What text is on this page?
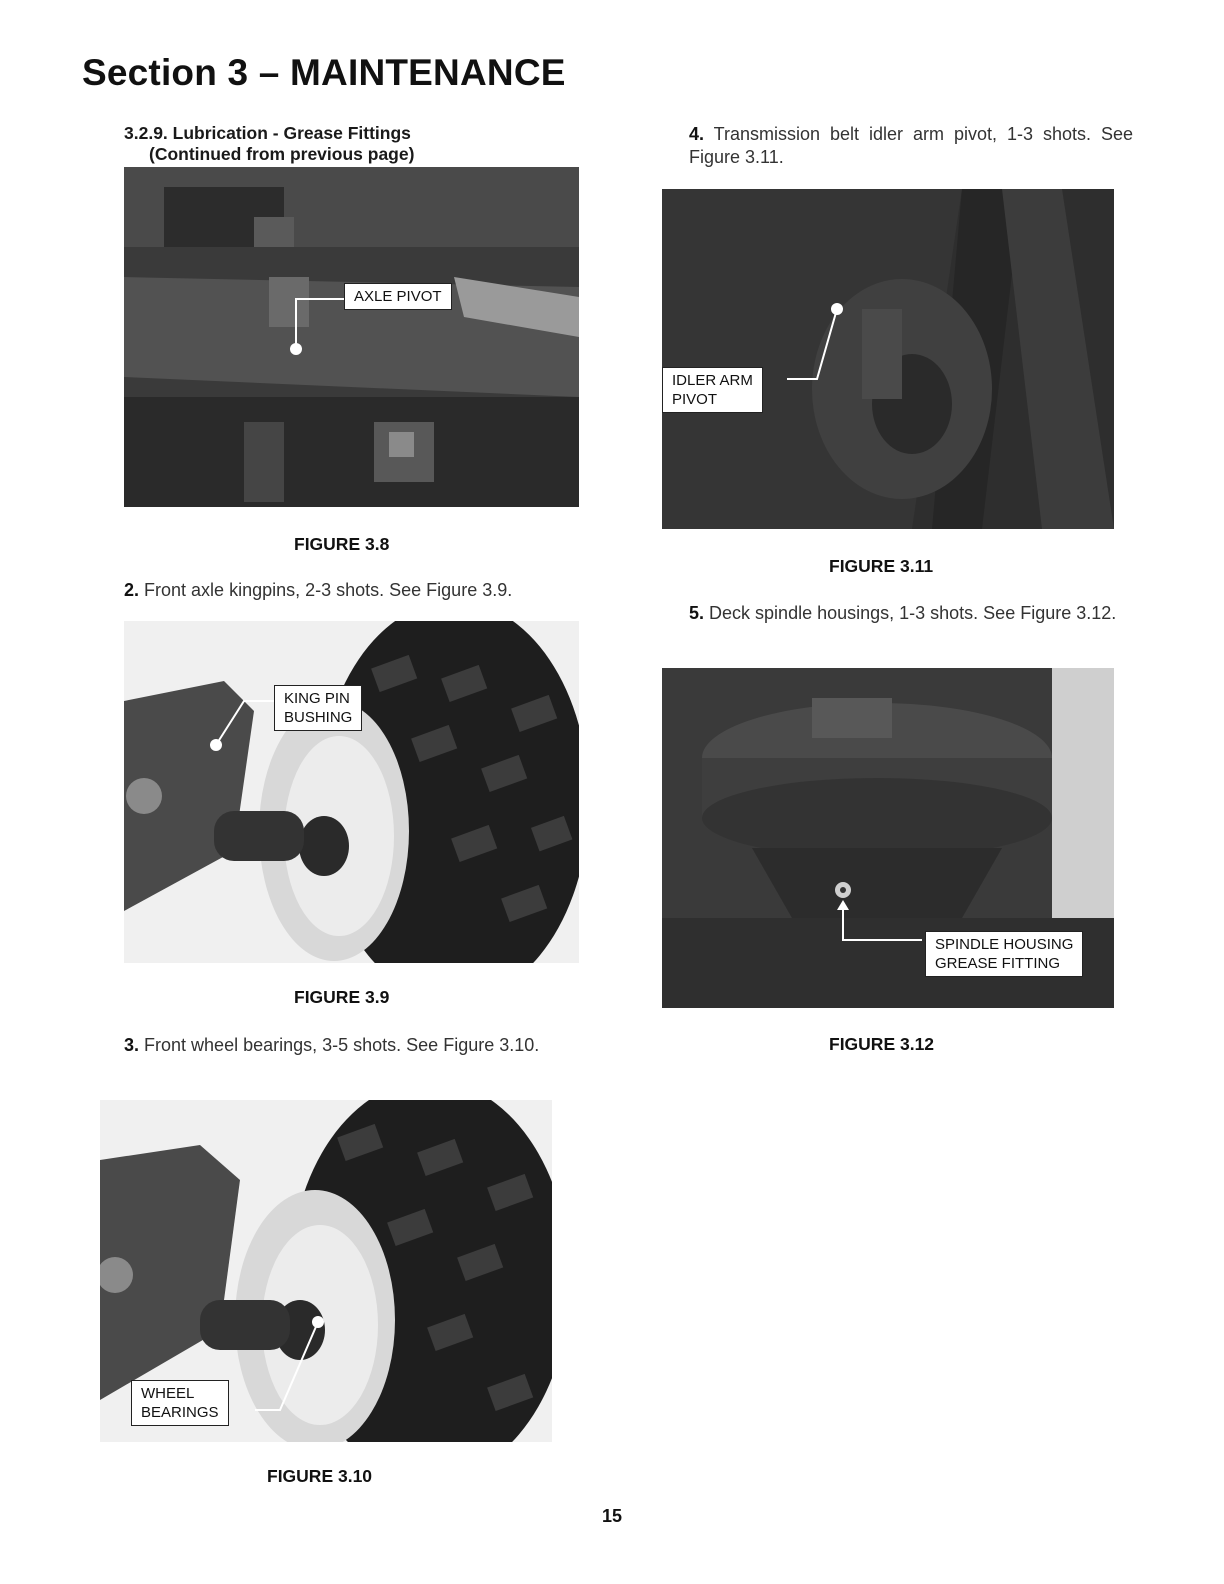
Section 3 – MAINTENANCE
3.2.9. Lubrication - Grease Fittings
(Continued from previous page)
AXLE PIVOT
FIGURE 3.8
2. Front axle kingpins, 2-3 shots. See Figure 3.9.
KING PIN
BUSHING
FIGURE 3.9
3. Front wheel bearings, 3-5 shots. See Figure 3.10.
WHEEL
BEARINGS
FIGURE 3.10
4. Transmission belt idler arm pivot, 1-3 shots. See Figure 3.11.
IDLER ARM
PIVOT
FIGURE 3.11
5. Deck spindle housings, 1-3 shots. See Figure 3.12.
SPINDLE HOUSING
GREASE FITTING
FIGURE 3.12
15
